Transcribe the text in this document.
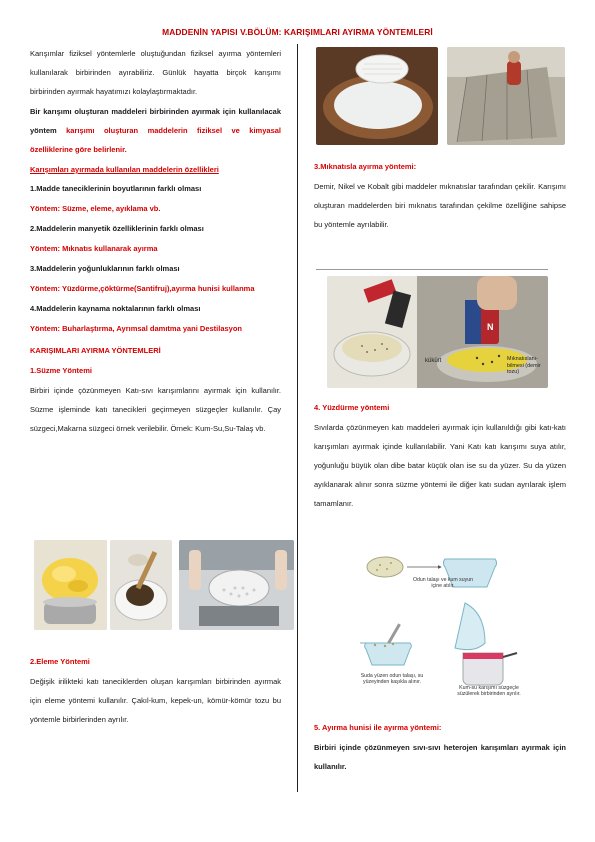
MADDENİN YAPISI V.BÖLÜM: KARIŞIMLARI AYIRMA YÖNTEMLERİ

Karışımlar fiziksel yöntemlerle oluştuğundan fiziksel ayırma yöntemleri kullanılarak birbirinden ayırabiliriz. Günlük hayatta birçok karışımı birbirinden ayırmak hayatımızı kolaylaştırmaktadır.

Bir karışımı oluşturan maddeleri birbirinden ayırmak için kullanılacak yöntem karışımı oluşturan maddelerin fiziksel ve kimyasal özelliklerine göre belirlenir.

Karışımları ayırmada kullanılan maddelerin özellikleri

1.Madde taneciklerinin boyutlarının farklı olması

Yöntem: Süzme, eleme, ayıklama vb.

2.Maddelerin manyetik özelliklerinin farklı olması

Yöntem: Mıknatıs kullanarak ayırma

3.Maddelerin yoğunluklarının farklı olması

Yöntem: Yüzdürme,çöktürme(Santifruj),ayırma hunisi kullanma

4.Maddelerin kaynama noktalarının farklı olması

Yöntem: Buharlaştırma, Ayrımsal damıtma yani Destilasyon

KARIŞIMLARI AYIRMA YÖNTEMLERİ

1.Süzme Yöntemi

Birbiri içinde çözünmeyen Katı-sıvı karışımlarını ayırmak için kullanılır. Süzme işleminde katı tanecikleri geçirmeyen süzgeçler kullanılır. Çay süzgeci,Makarna süzgeci örnek verilebilir. Örnek: Kum-Su,Su-Talaş vb.

2.Eleme Yöntemi

Değişik irilikteki katı taneciklerden oluşan karışımları birbirinden ayırmak için eleme yöntemi kullanılır. Çakıl-kum, kepek-un, kömür-kömür tozu bu yöntemle birbirlerinden ayrılır.

3.Mıknatısla ayırma yöntemi:

Demir, Nikel ve Kobalt gibi maddeler mıknatıslar tarafından çekilir. Karışımı oluşturan maddelerden biri mıknatıs tarafından çekilme özelliğine sahipse bu yöntemle ayrılabilir.

N
kükürt	Mıknatıslanı- bilmesi (demir tozu)

4. Yüzdürme yöntemi

Sıvılarda çözünmeyen katı maddeleri ayırmak için kullanıldığı gibi katı-katı karışımları ayırmak içinde kullanılabilir. Yani Katı katı karışımı suya atılır, yoğunluğu büyük olan dibe batar küçük olan ise su da yüzer. Su da yüzen ayıklanarak alınır sonra süzme yöntemi ile diğer katı sudan ayrılarak işlem tamamlanır.

Odun talaşı ve kum suyun içine atılır.
Suda yüzen odun talaşı, su yüzeyinden kaşıkla alınır.
Kum-su karışımı süzgeçle süzülerek birbirinden ayrılır.

5. Ayırma hunisi ile ayırma yöntemi:

Birbiri içinde çözünmeyen sıvı-sıvı heterojen karışımları ayırmak için kullanılır.
